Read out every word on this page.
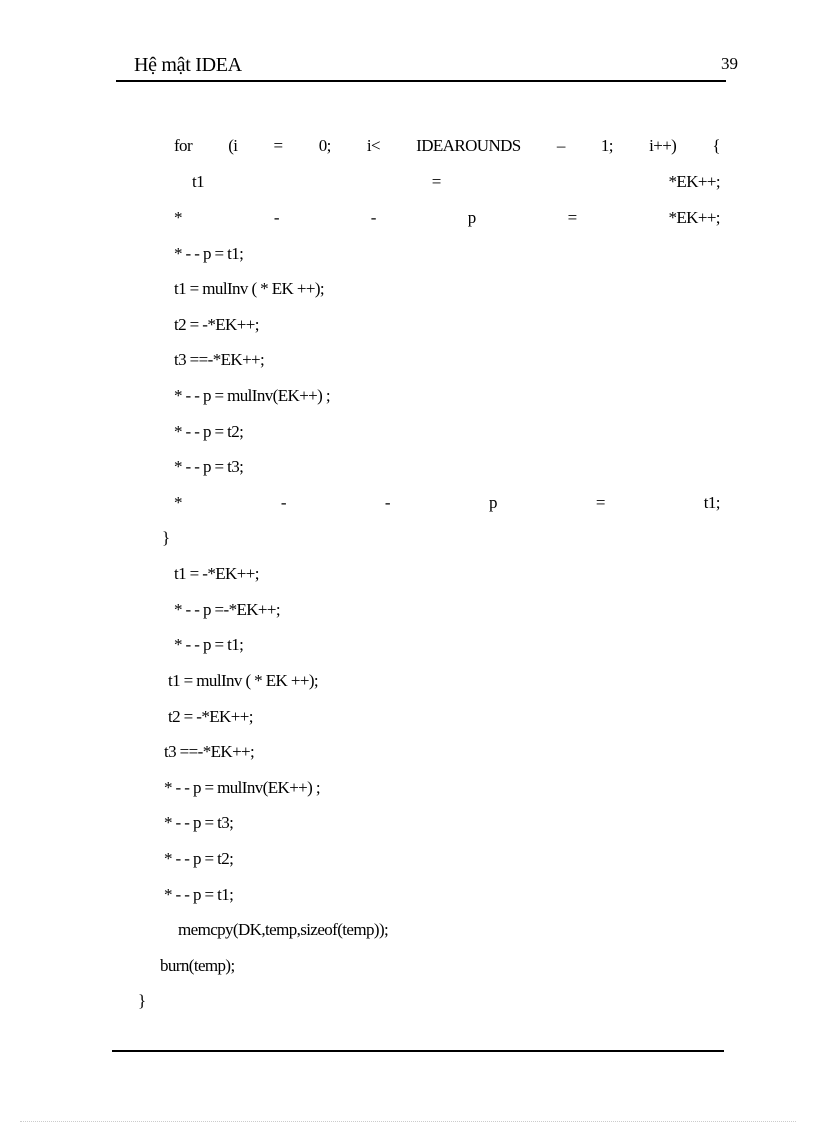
Hệ mật IDEA	39
for (i = 0; i< IDEAROUNDS – 1; i++) {
t1	=	*EK++;
*	-	-	p	=	*EK++;
* - - p = t1;
t1 = mulInv ( * EK ++);
t2 = -*EK++;
t3 ==-*EK++;
* - - p = mulInv(EK++) ;
* - - p = t2;
* - - p = t3;
*	-	-	p	=	t1;
}
t1 = -*EK++;
* - - p =-*EK++;
* - - p = t1;
t1 = mulInv ( * EK ++);
t2 = -*EK++;
t3 ==-*EK++;
* - - p = mulInv(EK++) ;
* - - p = t3;
* - - p = t2;
* - - p = t1;
memcpy(DK,temp,sizeof(temp));
burn(temp);
}
